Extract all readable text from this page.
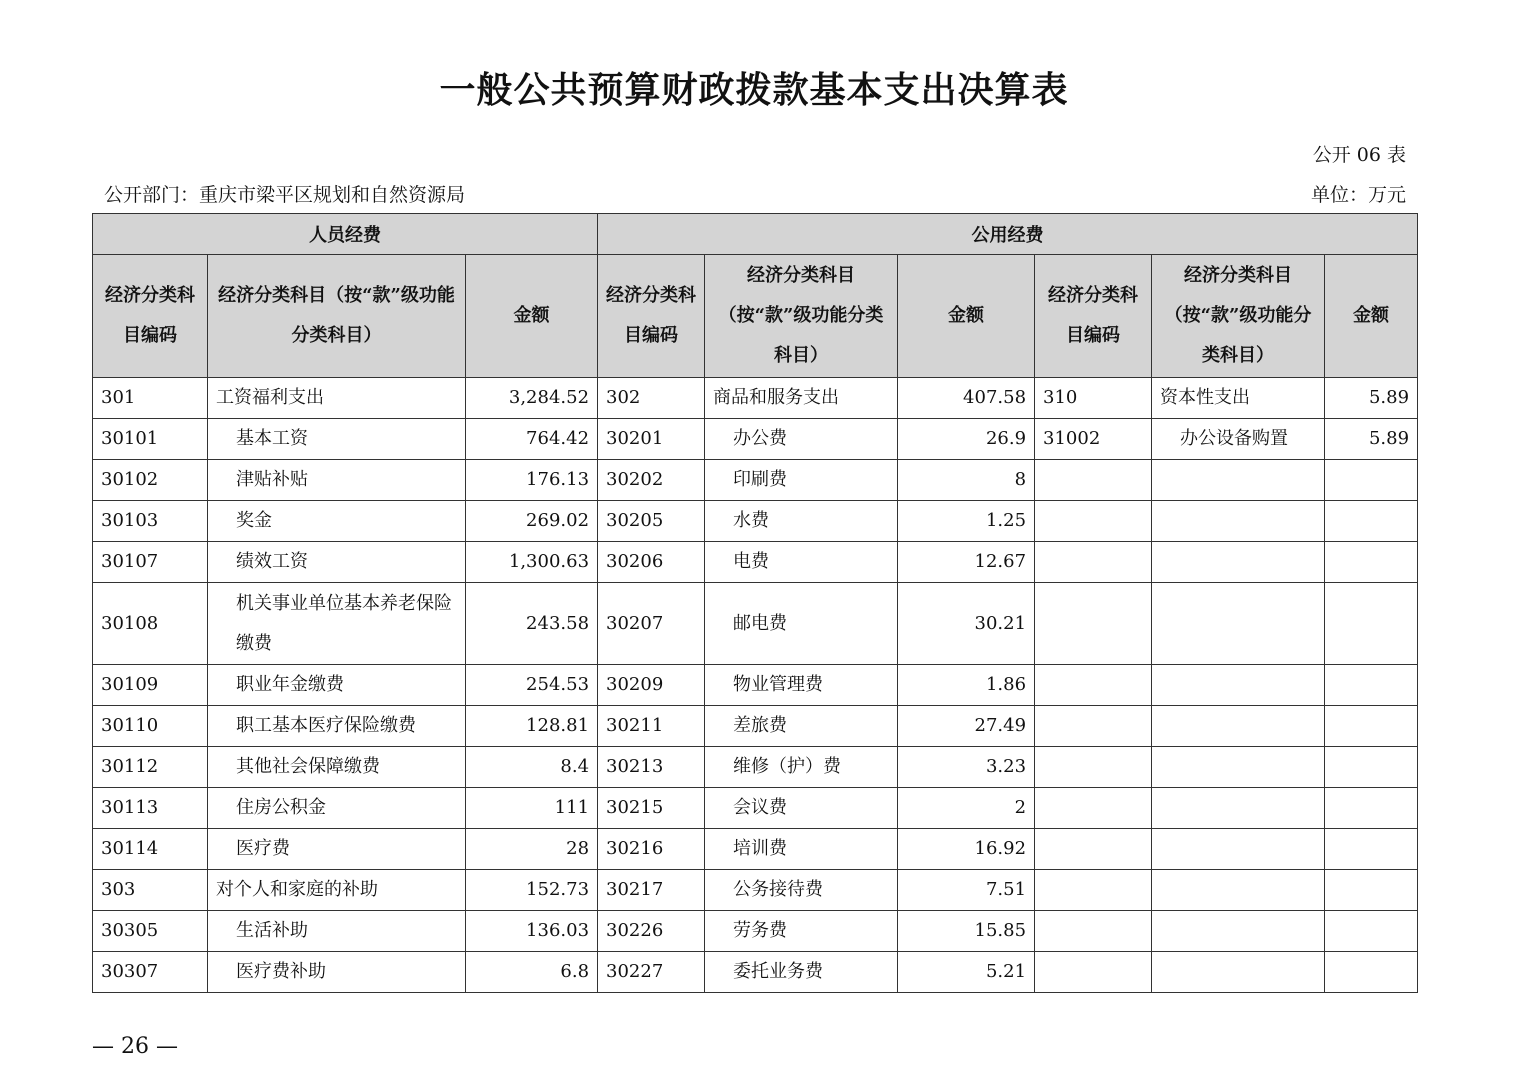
一般公共预算财政拨款基本支出决算表
公开 06 表
公开部门：重庆市梁平区规划和自然资源局	单位：万元
人员经费			公用经费					
经济分类科目编码	经济分类科目（按“款”级功能分类科目）	金额	经济分类科目编码	经济分类科目（按“款”级功能分类科目）	金额	经济分类科目编码	经济分类科目（按“款”级功能分类科目）	金额
301	工资福利支出	3,284.52	302	商品和服务支出	407.58	310	资本性支出	5.89
30101	基本工资	764.42	30201	办公费	26.9	31002	办公设备购置	5.89
30102	津贴补贴	176.13	30202	印刷费	8			
30103	奖金	269.02	30205	水费	1.25			
30107	绩效工资	1,300.63	30206	电费	12.67			
30108	机关事业单位基本养老保险缴费	243.58	30207	邮电费	30.21			
30109	职业年金缴费	254.53	30209	物业管理费	1.86			
30110	职工基本医疗保险缴费	128.81	30211	差旅费	27.49			
30112	其他社会保障缴费	8.4	30213	维修（护）费	3.23			
30113	住房公积金	111	30215	会议费	2			
30114	医疗费	28	30216	培训费	16.92			
303	对个人和家庭的补助	152.73	30217	公务接待费	7.51			
30305	生活补助	136.03	30226	劳务费	15.85			
30307	医疗费补助	6.8	30227	委托业务费	5.21			
— 26 —
